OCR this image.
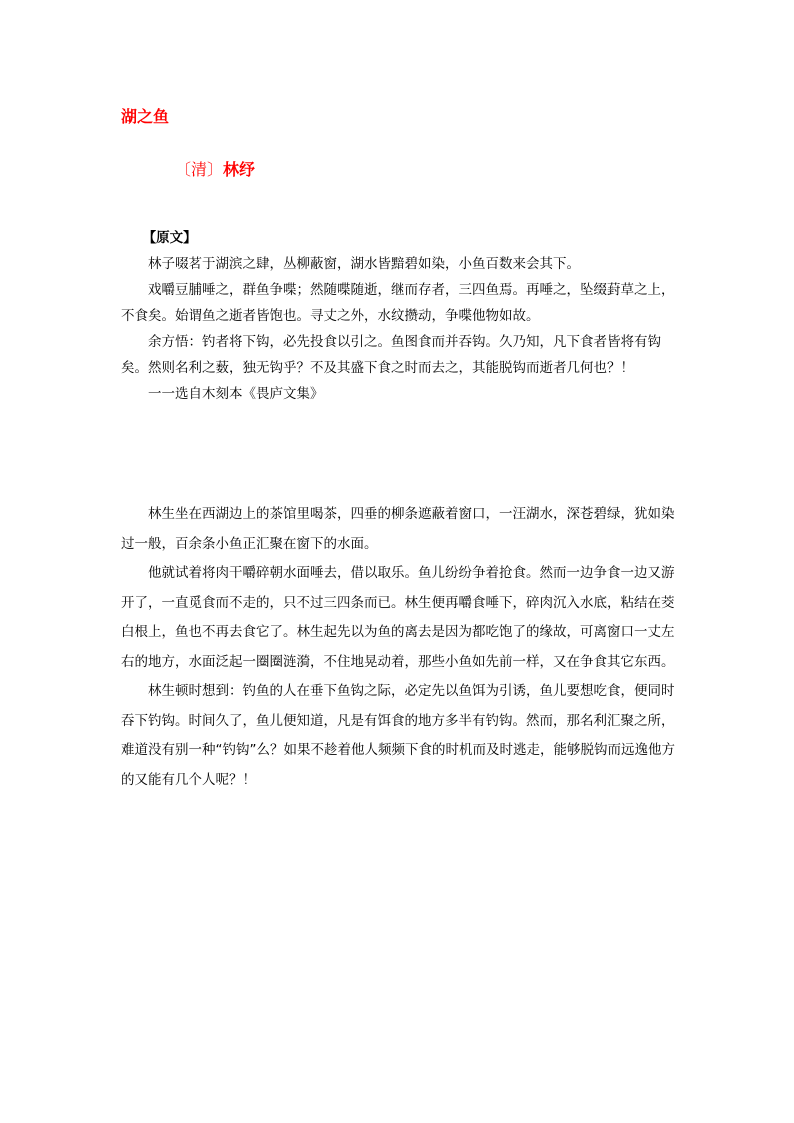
湖之鱼
〔清〕林纾

【原文】

林子啜茗于湖滨之肆，丛柳蔽窗，湖水皆黯碧如染，小鱼百数来会其下。

戏嚼豆脯唾之，群鱼争喋；然随喋随逝，继而存者，三四鱼焉。再唾之，坠缀葑草之上，不食矣。始谓鱼之逝者皆饱也。寻丈之外，水纹攒动，争喋他物如故。

余方悟：钓者将下钩，必先投食以引之。鱼图食而并吞钩。久乃知，凡下食者皆将有钩矣。然则名利之薮，独无钩乎？不及其盛下食之时而去之，其能脱钩而逝者几何也？！

一一选自木刻本《畏庐文集》

林生坐在西湖边上的茶馆里喝茶，四垂的柳条遮蔽着窗口，一汪湖水，深苍碧绿，犹如染过一般，百余条小鱼正汇聚在窗下的水面。

他就试着将肉干嚼碎朝水面唾去，借以取乐。鱼儿纷纷争着抢食。然而一边争食一边又游开了，一直觅食而不走的，只不过三四条而已。林生便再嚼食唾下，碎肉沉入水底，粘结在茭白根上，鱼也不再去食它了。林生起先以为鱼的离去是因为都吃饱了的缘故，可离窗口一丈左右的地方，水面泛起一圈圈涟漪，不住地晃动着，那些小鱼如先前一样，又在争食其它东西。

林生顿时想到：钓鱼的人在垂下鱼钩之际，必定先以鱼饵为引诱，鱼儿要想吃食，便同时吞下钓钩。时间久了，鱼儿便知道，凡是有饵食的地方多半有钓钩。然而，那名利汇聚之所，难道没有别一种“钓钩”么？如果不趁着他人频频下食的时机而及时逃走，能够脱钩而远逸他方的又能有几个人呢？！
